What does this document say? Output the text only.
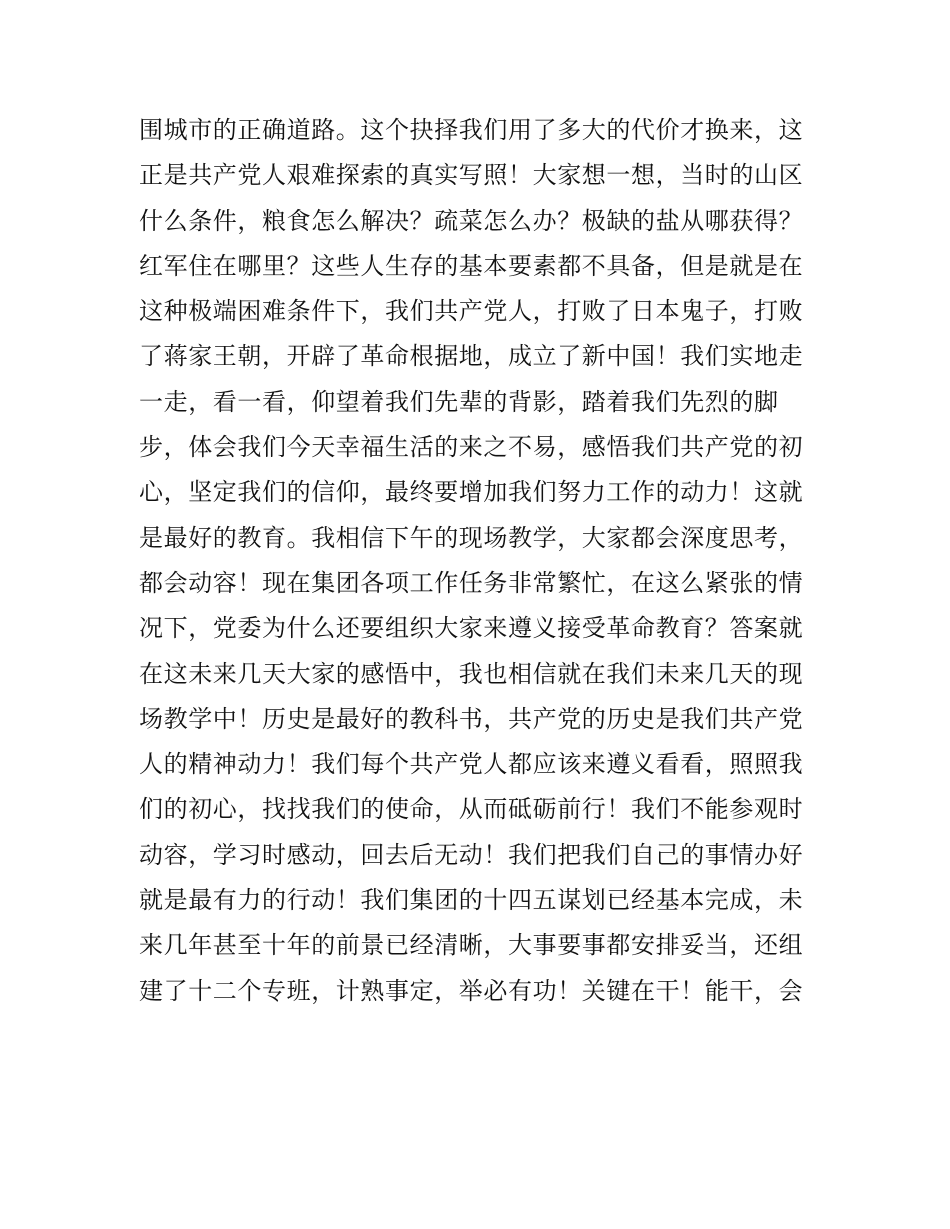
围城市的正确道路。这个抉择我们用了多大的代价才换来，这
正是共产党人艰难探索的真实写照！大家想一想，当时的山区
什么条件，粮食怎么解决？疏菜怎么办？极缺的盐从哪获得？
红军住在哪里？这些人生存的基本要素都不具备，但是就是在
这种极端困难条件下，我们共产党人，打败了日本鬼子，打败
了蒋家王朝，开辟了革命根据地，成立了新中国！我们实地走
一走，看一看，仰望着我们先辈的背影，踏着我们先烈的脚
步，体会我们今天幸福生活的来之不易，感悟我们共产党的初
心，坚定我们的信仰，最终要增加我们努力工作的动力！这就
是最好的教育。我相信下午的现场教学，大家都会深度思考，
都会动容！现在集团各项工作任务非常繁忙，在这么紧张的情
况下，党委为什么还要组织大家来遵义接受革命教育？答案就
在这未来几天大家的感悟中，我也相信就在我们未来几天的现
场教学中！历史是最好的教科书，共产党的历史是我们共产党
人的精神动力！我们每个共产党人都应该来遵义看看，照照我
们的初心，找找我们的使命，从而砥砺前行！我们不能参观时
动容，学习时感动，回去后无动！我们把我们自己的事情办好
就是最有力的行动！我们集团的十四五谋划已经基本完成，未
来几年甚至十年的前景已经清晰，大事要事都安排妥当，还组
建了十二个专班，计熟事定，举必有功！关键在干！能干，会
